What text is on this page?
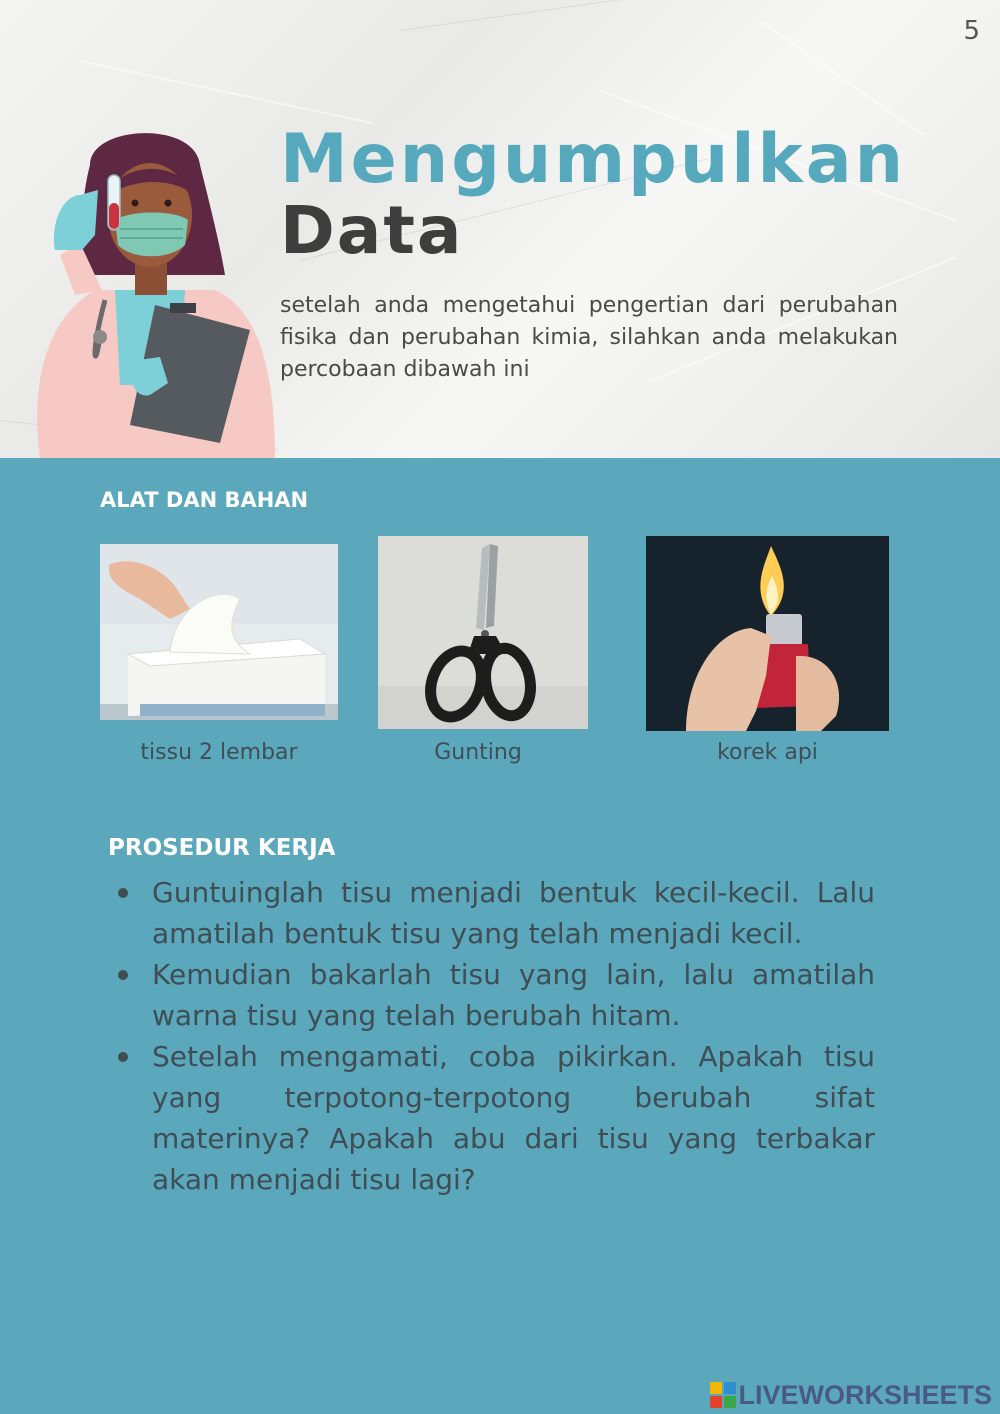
5
Mengumpulkan
Data

setelah anda mengetahui pengertian dari perubahan fisika dan perubahan kimia, silahkan anda melakukan percobaan dibawah ini

ALAT DAN BAHAN

tissu 2 lembar	Gunting	korek api

PROSEDUR KERJA
Guntuinglah tisu menjadi bentuk kecil-kecil. Lalu amatilah bentuk tisu yang telah menjadi kecil.
Kemudian bakarlah tisu yang lain, lalu amatilah warna tisu yang telah berubah hitam.
Setelah mengamati, coba pikirkan. Apakah tisu yang terpotong-terpotong berubah sifat materinya? Apakah abu dari tisu yang terbakar akan menjadi tisu lagi?
LIVEWORKSHEETS
